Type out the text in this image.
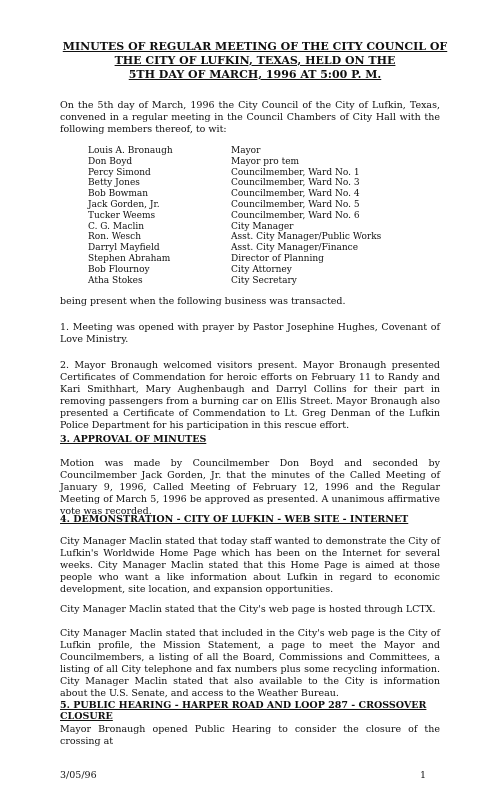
MINUTES OF REGULAR MEETING OF THE CITY COUNCIL OF
THE CITY OF LUFKIN, TEXAS, HELD ON THE
5TH DAY OF MARCH, 1996 AT 5:00 P. M.
On the 5th day of March, 1996 the City Council of the City of Lufkin, Texas, convened in a regular meeting in the Council Chambers of City Hall with the following members thereof, to wit:
Louis A. Bronaugh	Mayor
Don Boyd	Mayor pro tem
Percy Simond	Councilmember, Ward No. 1
Betty Jones	Councilmember, Ward No. 3
Bob Bowman	Councilmember, Ward No. 4
Jack Gorden, Jr.	Councilmember, Ward No. 5
Tucker Weems	Councilmember, Ward No. 6
C. G. Maclin	City Manager
Ron. Wesch	Asst. City Manager/Public Works
Darryl Mayfield	Asst. City Manager/Finance
Stephen Abraham	Director of Planning
Bob Flournoy	City Attorney
Atha Stokes	City Secretary
being present when the following business was transacted.
1. Meeting was opened with prayer by Pastor Josephine Hughes, Covenant of Love Ministry.
2. Mayor Bronaugh welcomed visitors present. Mayor Bronaugh presented Certificates of Commendation for heroic efforts on February 11 to Randy and Kari Smithhart, Mary Aughenbaugh and Darryl Collins for their part in removing passengers from a burning car on Ellis Street. Mayor Bronaugh also presented a Certificate of Commendation to Lt. Greg Denman of the Lufkin Police Department for his participation in this rescue effort.
3. APPROVAL OF MINUTES
Motion was made by Councilmember Don Boyd and seconded by Councilmember Jack Gorden, Jr. that the minutes of the Called Meeting of January 9, 1996, Called Meeting of February 12, 1996 and the Regular Meeting of March 5, 1996 be approved as presented. A unanimous affirmative vote was recorded.
4. DEMONSTRATION - CITY OF LUFKIN - WEB SITE - INTERNET
City Manager Maclin stated that today staff wanted to demonstrate the City of Lufkin's Worldwide Home Page which has been on the Internet for several weeks. City Manager Maclin stated that this Home Page is aimed at those people who want a like information about Lufkin in regard to economic development, site location, and expansion opportunities.
City Manager Maclin stated that the City's web page is hosted through LCTX.
City Manager Maclin stated that included in the City's web page is the City of Lufkin profile, the Mission Statement, a page to meet the Mayor and Councilmembers, a listing of all the Board, Commissions and Committees, a listing of all City telephone and fax numbers plus some recycling information. City Manager Maclin stated that also available to the City is information about the U.S. Senate, and access to the Weather Bureau.
5. PUBLIC HEARING - HARPER ROAD AND LOOP 287 - CROSSOVER CLOSURE
Mayor Bronaugh opened Public Hearing to consider the closure of the crossing at
3/05/96	1
